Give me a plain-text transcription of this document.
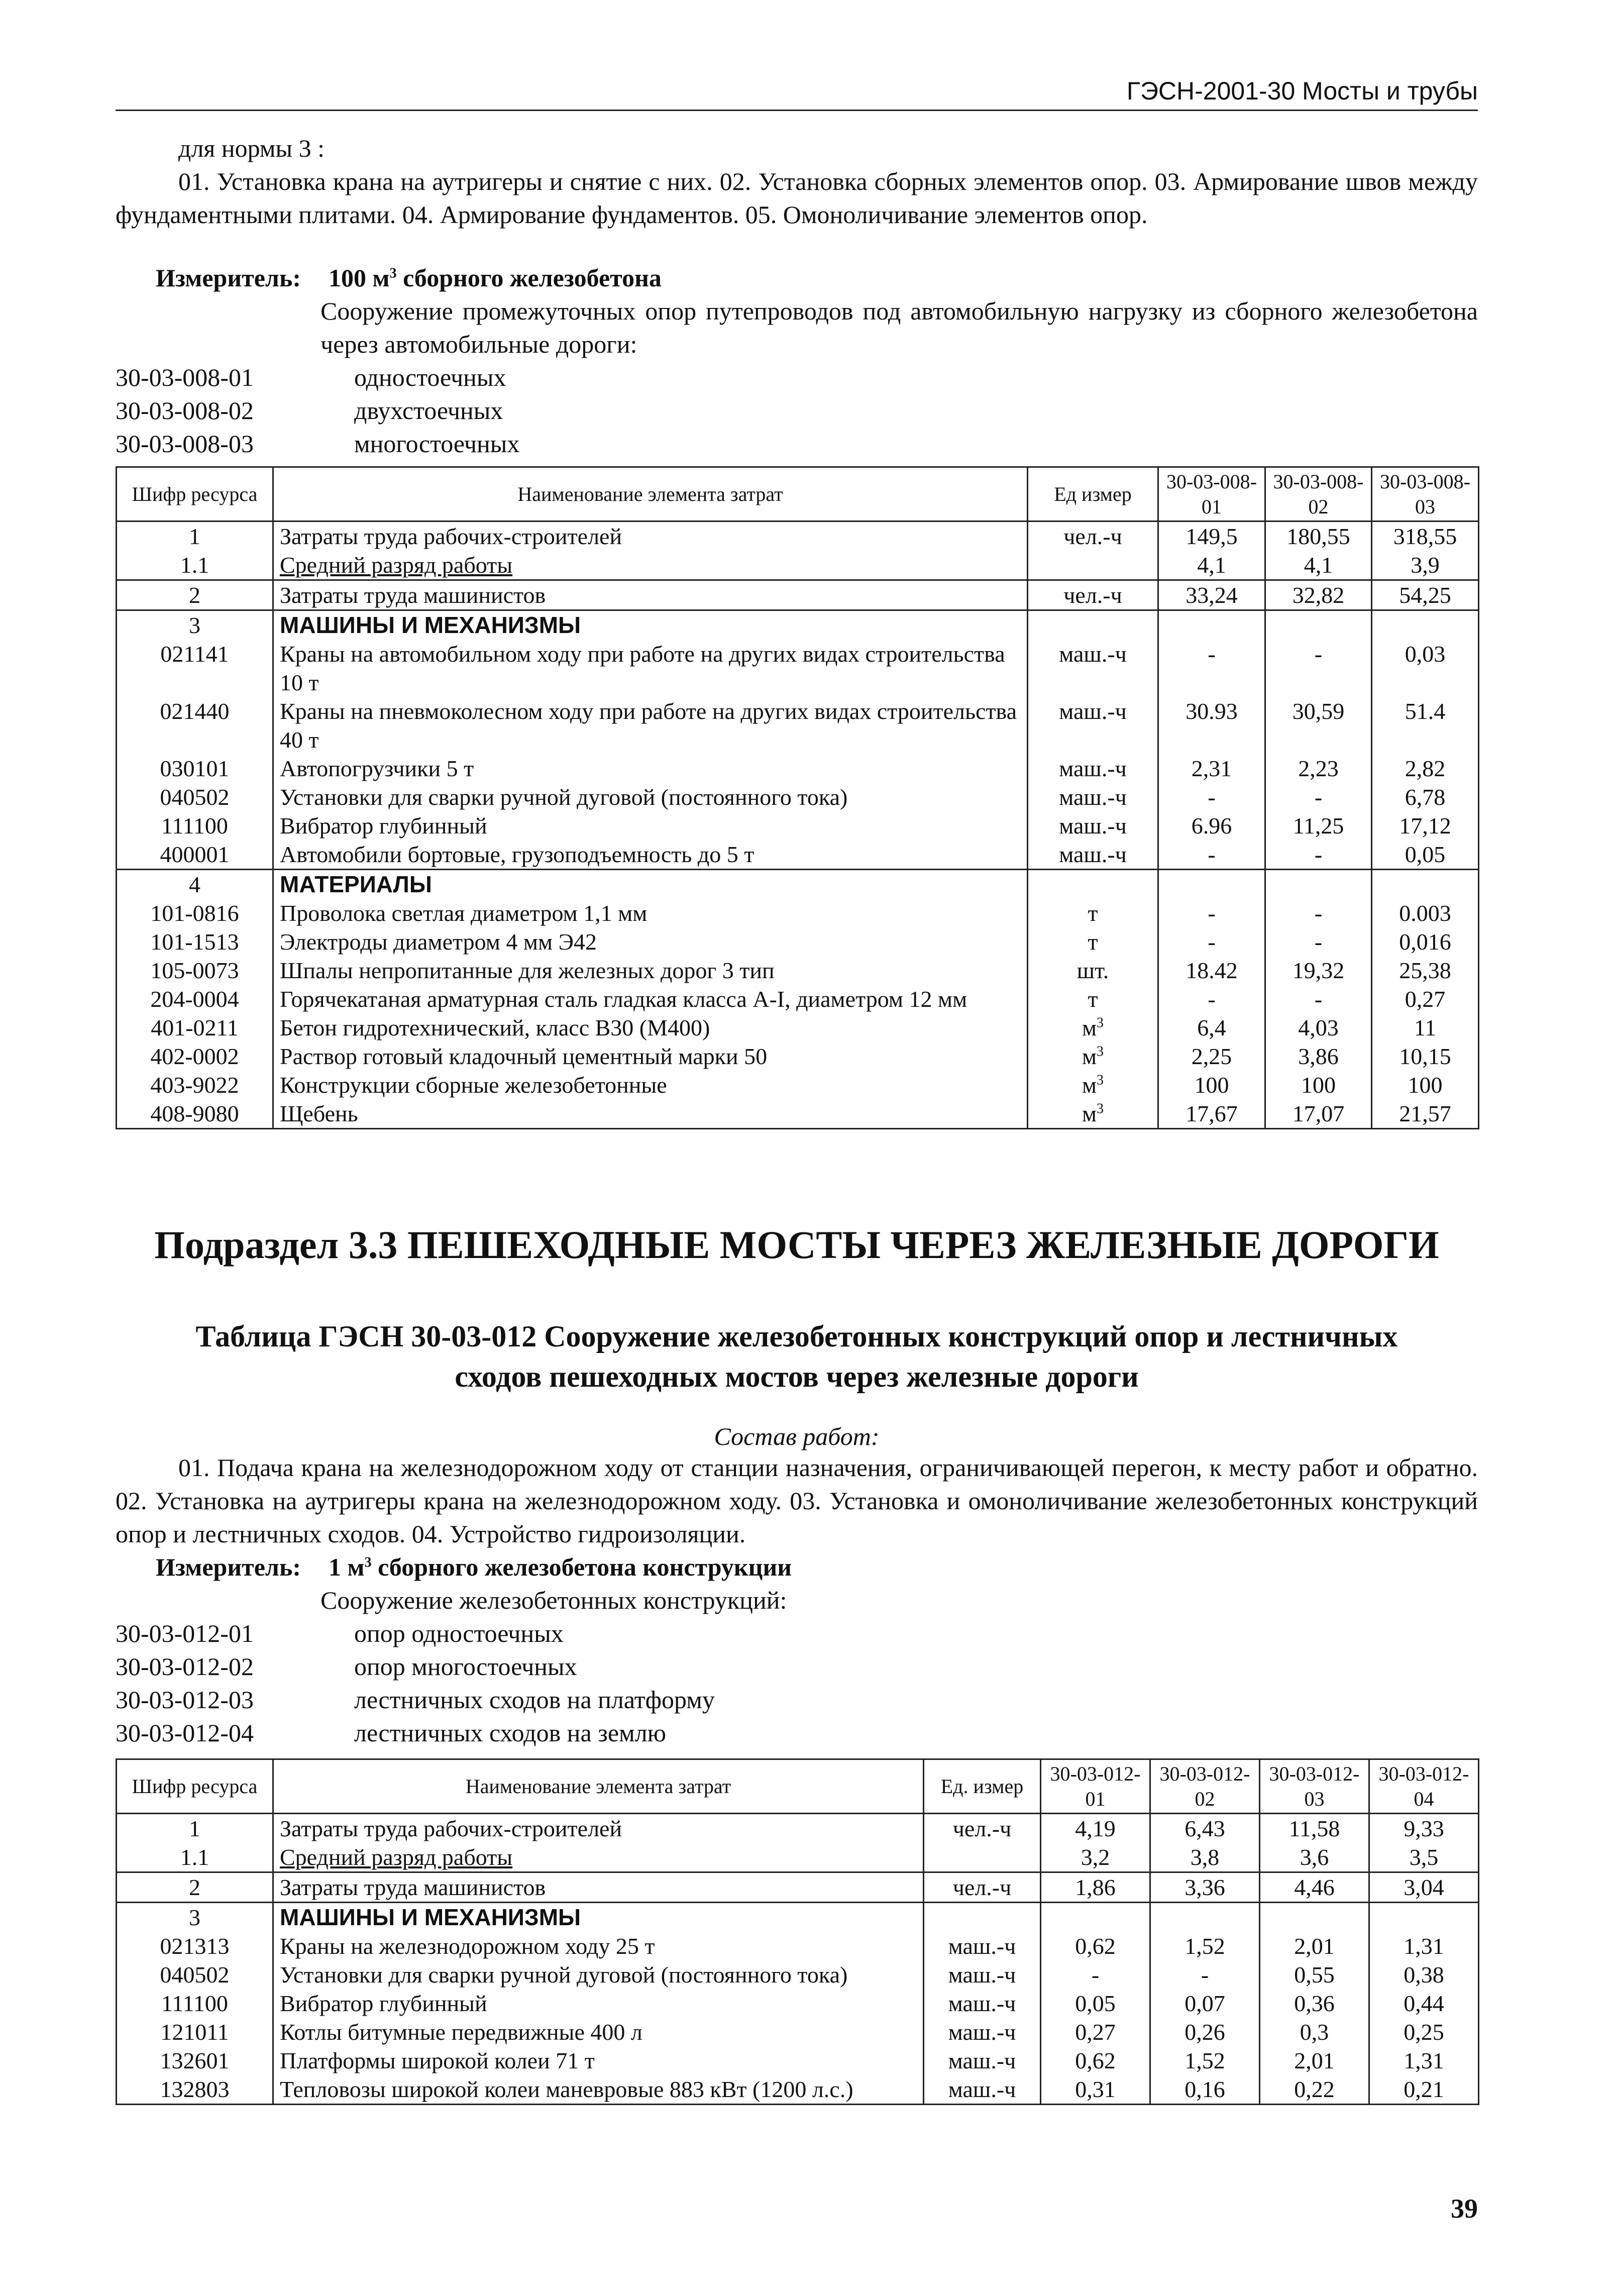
ГЭСН-2001-30 Мосты и трубы
для нормы 3 :
01. Установка крана на аутригеры и снятие с них. 02. Установка сборных элементов опор. 03. Армирование швов между фундаментными плитами. 04. Армирование фундаментов. 05. Омоноличивание элементов опор.
Измеритель: 100 $м^3$ сборного железобетона
Сооружение промежуточных опор путепроводов под автомобильную нагрузку из сборного железобетона через автомобильные дороги:
30-03-008-01	одностоечных
30-03-008-02	двухстоечных
30-03-008-03	многостоечных
Шифр ресурса	Наименование элемента затрат	Ед измер	30-03-008-01	30-03-008-02	30-03-008-03
1	Затраты труда рабочих-строителей	чел.-ч	149,5	180,55	318,55
1.1	Средний разряд работы		4,1	4,1	3,9
2	Затраты труда машинистов	чел.-ч	33,24	32,82	54,25
3	МАШИНЫ И МЕХАНИЗМЫ				
021141	Краны на автомобильном ходу при работе на других видах строительства 10 т	маш.-ч	-	-	0,03
021440	Краны на пневмоколесном ходу при работе на других видах строительства 40 т	маш.-ч	30.93	30,59	51.4
030101	Автопогрузчики 5 т	маш.-ч	2,31	2,23	2,82
040502	Установки для сварки ручной дуговой (постоянного тока)	маш.-ч	-	-	6,78
111100	Вибратор глубинный	маш.-ч	6.96	11,25	17,12
400001	Автомобили бортовые, грузоподъемность до 5 т	маш.-ч	-	-	0,05
4	МАТЕРИАЛЫ				
101-0816	Проволока светлая диаметром 1,1 мм	т	-	-	0.003
101-1513	Электроды диаметром 4 мм Э42	т	-	-	0,016
105-0073	Шпалы непропитанные для железных дорог 3 тип	шт.	18.42	19,32	25,38
204-0004	Горячекатаная арматурная сталь гладкая класса А-I, диаметром 12 мм	т	-	-	0,27
401-0211	Бетон гидротехнический, класс В30 (М400)	$м^3$	6,4	4,03	11
402-0002	Раствор готовый кладочный цементный марки 50	$м^3$	2,25	3,86	10,15
403-9022	Конструкции сборные железобетонные	$м^3$	100	100	100
408-9080	Щебень	$м^3$	17,67	17,07	21,57
Подраздел 3.3 ПЕШЕХОДНЫЕ МОСТЫ ЧЕРЕЗ ЖЕЛЕЗНЫЕ ДОРОГИ
Таблица ГЭСН 30-03-012 Сооружение железобетонных конструкций опор и лестничных
сходов пешеходных мостов через железные дороги
Состав работ:
01. Подача крана на железнодорожном ходу от станции назначения, ограничивающей перегон, к месту работ и обратно. 02. Установка на аутригеры крана на железнодорожном ходу. 03. Установка и омоноличивание железобетонных конструкций опор и лестничных сходов. 04. Устройство гидроизоляции.
Измеритель: 1 $м^3$ сборного железобетона конструкции
Сооружение железобетонных конструкций:
30-03-012-01	опор одностоечных
30-03-012-02	опор многостоечных
30-03-012-03	лестничных сходов на платформу
30-03-012-04	лестничных сходов на землю
Шифр ресурса	Наименование элемента затрат	Ед. измер	30-03-012-01	30-03-012-02	30-03-012-03	30-03-012-04
1	Затраты труда рабочих-строителей	чел.-ч	4,19	6,43	11,58	9,33
1.1	Средний разряд работы		3,2	3,8	3,6	3,5
2	Затраты труда машинистов	чел.-ч	1,86	3,36	4,46	3,04
3	МАШИНЫ И МЕХАНИЗМЫ					
021313	Краны на железнодорожном ходу 25 т	маш.-ч	0,62	1,52	2,01	1,31
040502	Установки для сварки ручной дуговой (постоянного тока)	маш.-ч	-	-	0,55	0,38
111100	Вибратор глубинный	маш.-ч	0,05	0,07	0,36	0,44
121011	Котлы битумные передвижные 400 л	маш.-ч	0,27	0,26	0,3	0,25
132601	Платформы широкой колеи 71 т	маш.-ч	0,62	1,52	2,01	1,31
132803	Тепловозы широкой колеи маневровые 883 кВт (1200 л.с.)	маш.-ч	0,31	0,16	0,22	0,21
39
